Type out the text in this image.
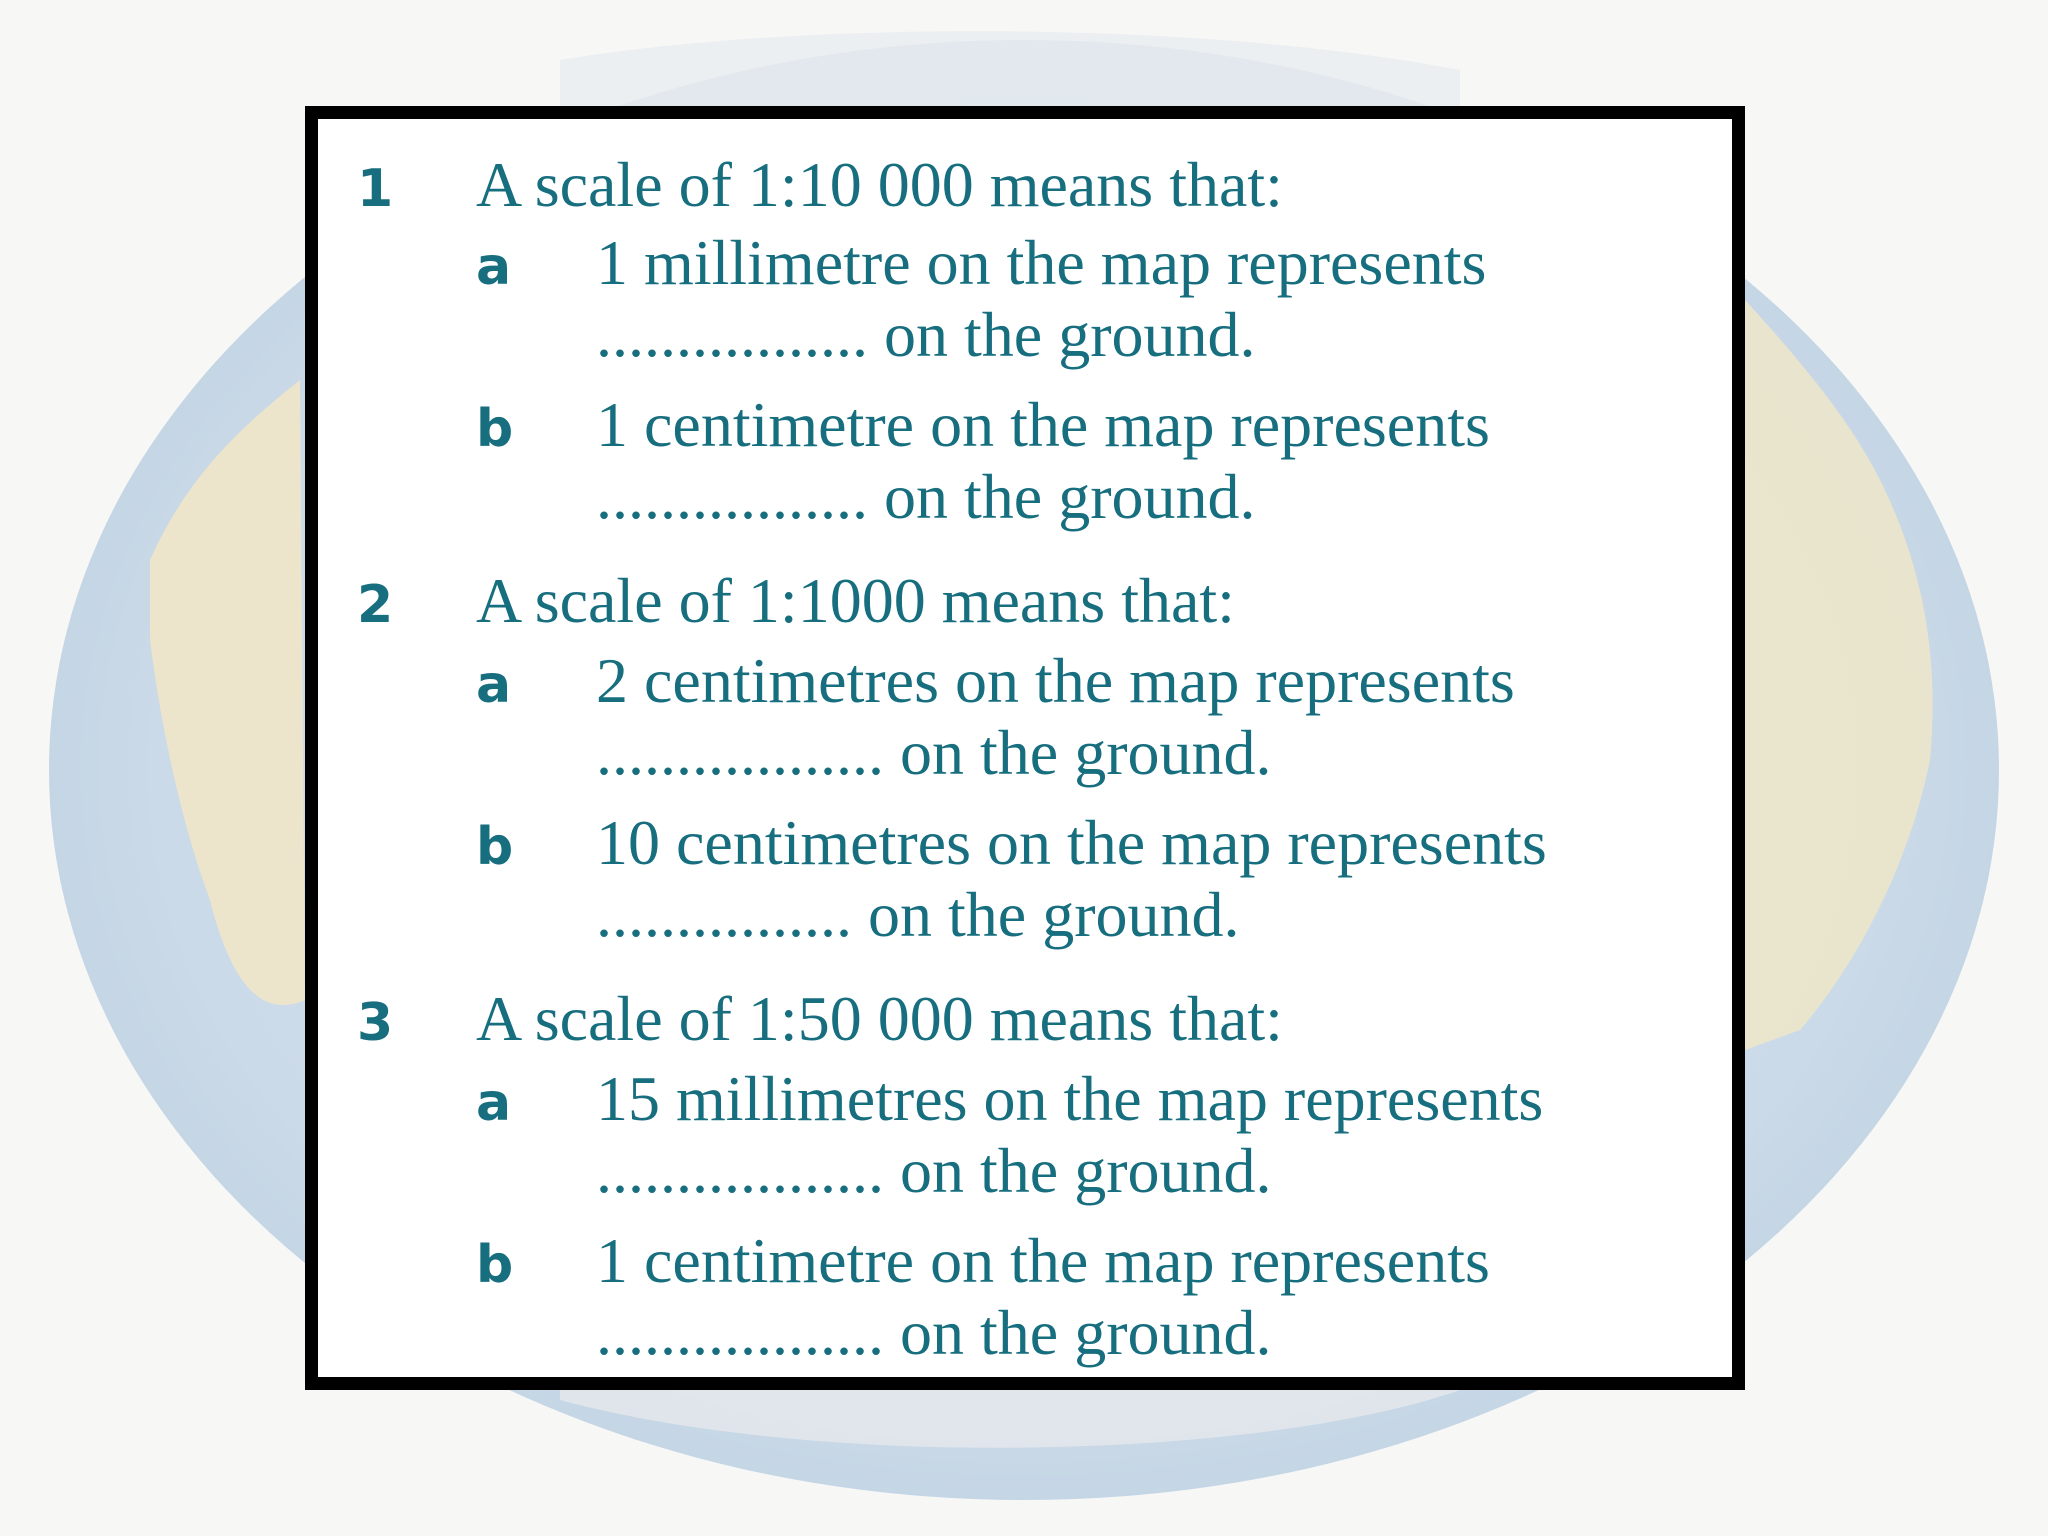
1 A scale of 1:10 000 means that:
a 1 millimetre on the map represents
................. on the ground.
b 1 centimetre on the map represents
................. on the ground.
2 A scale of 1:1000 means that:
a 2 centimetres on the map represents
.................. on the ground.
b 10 centimetres on the map represents
................ on the ground.
3 A scale of 1:50 000 means that:
a 15 millimetres on the map represents
.................. on the ground.
b 1 centimetre on the map represents
.................. on the ground.
